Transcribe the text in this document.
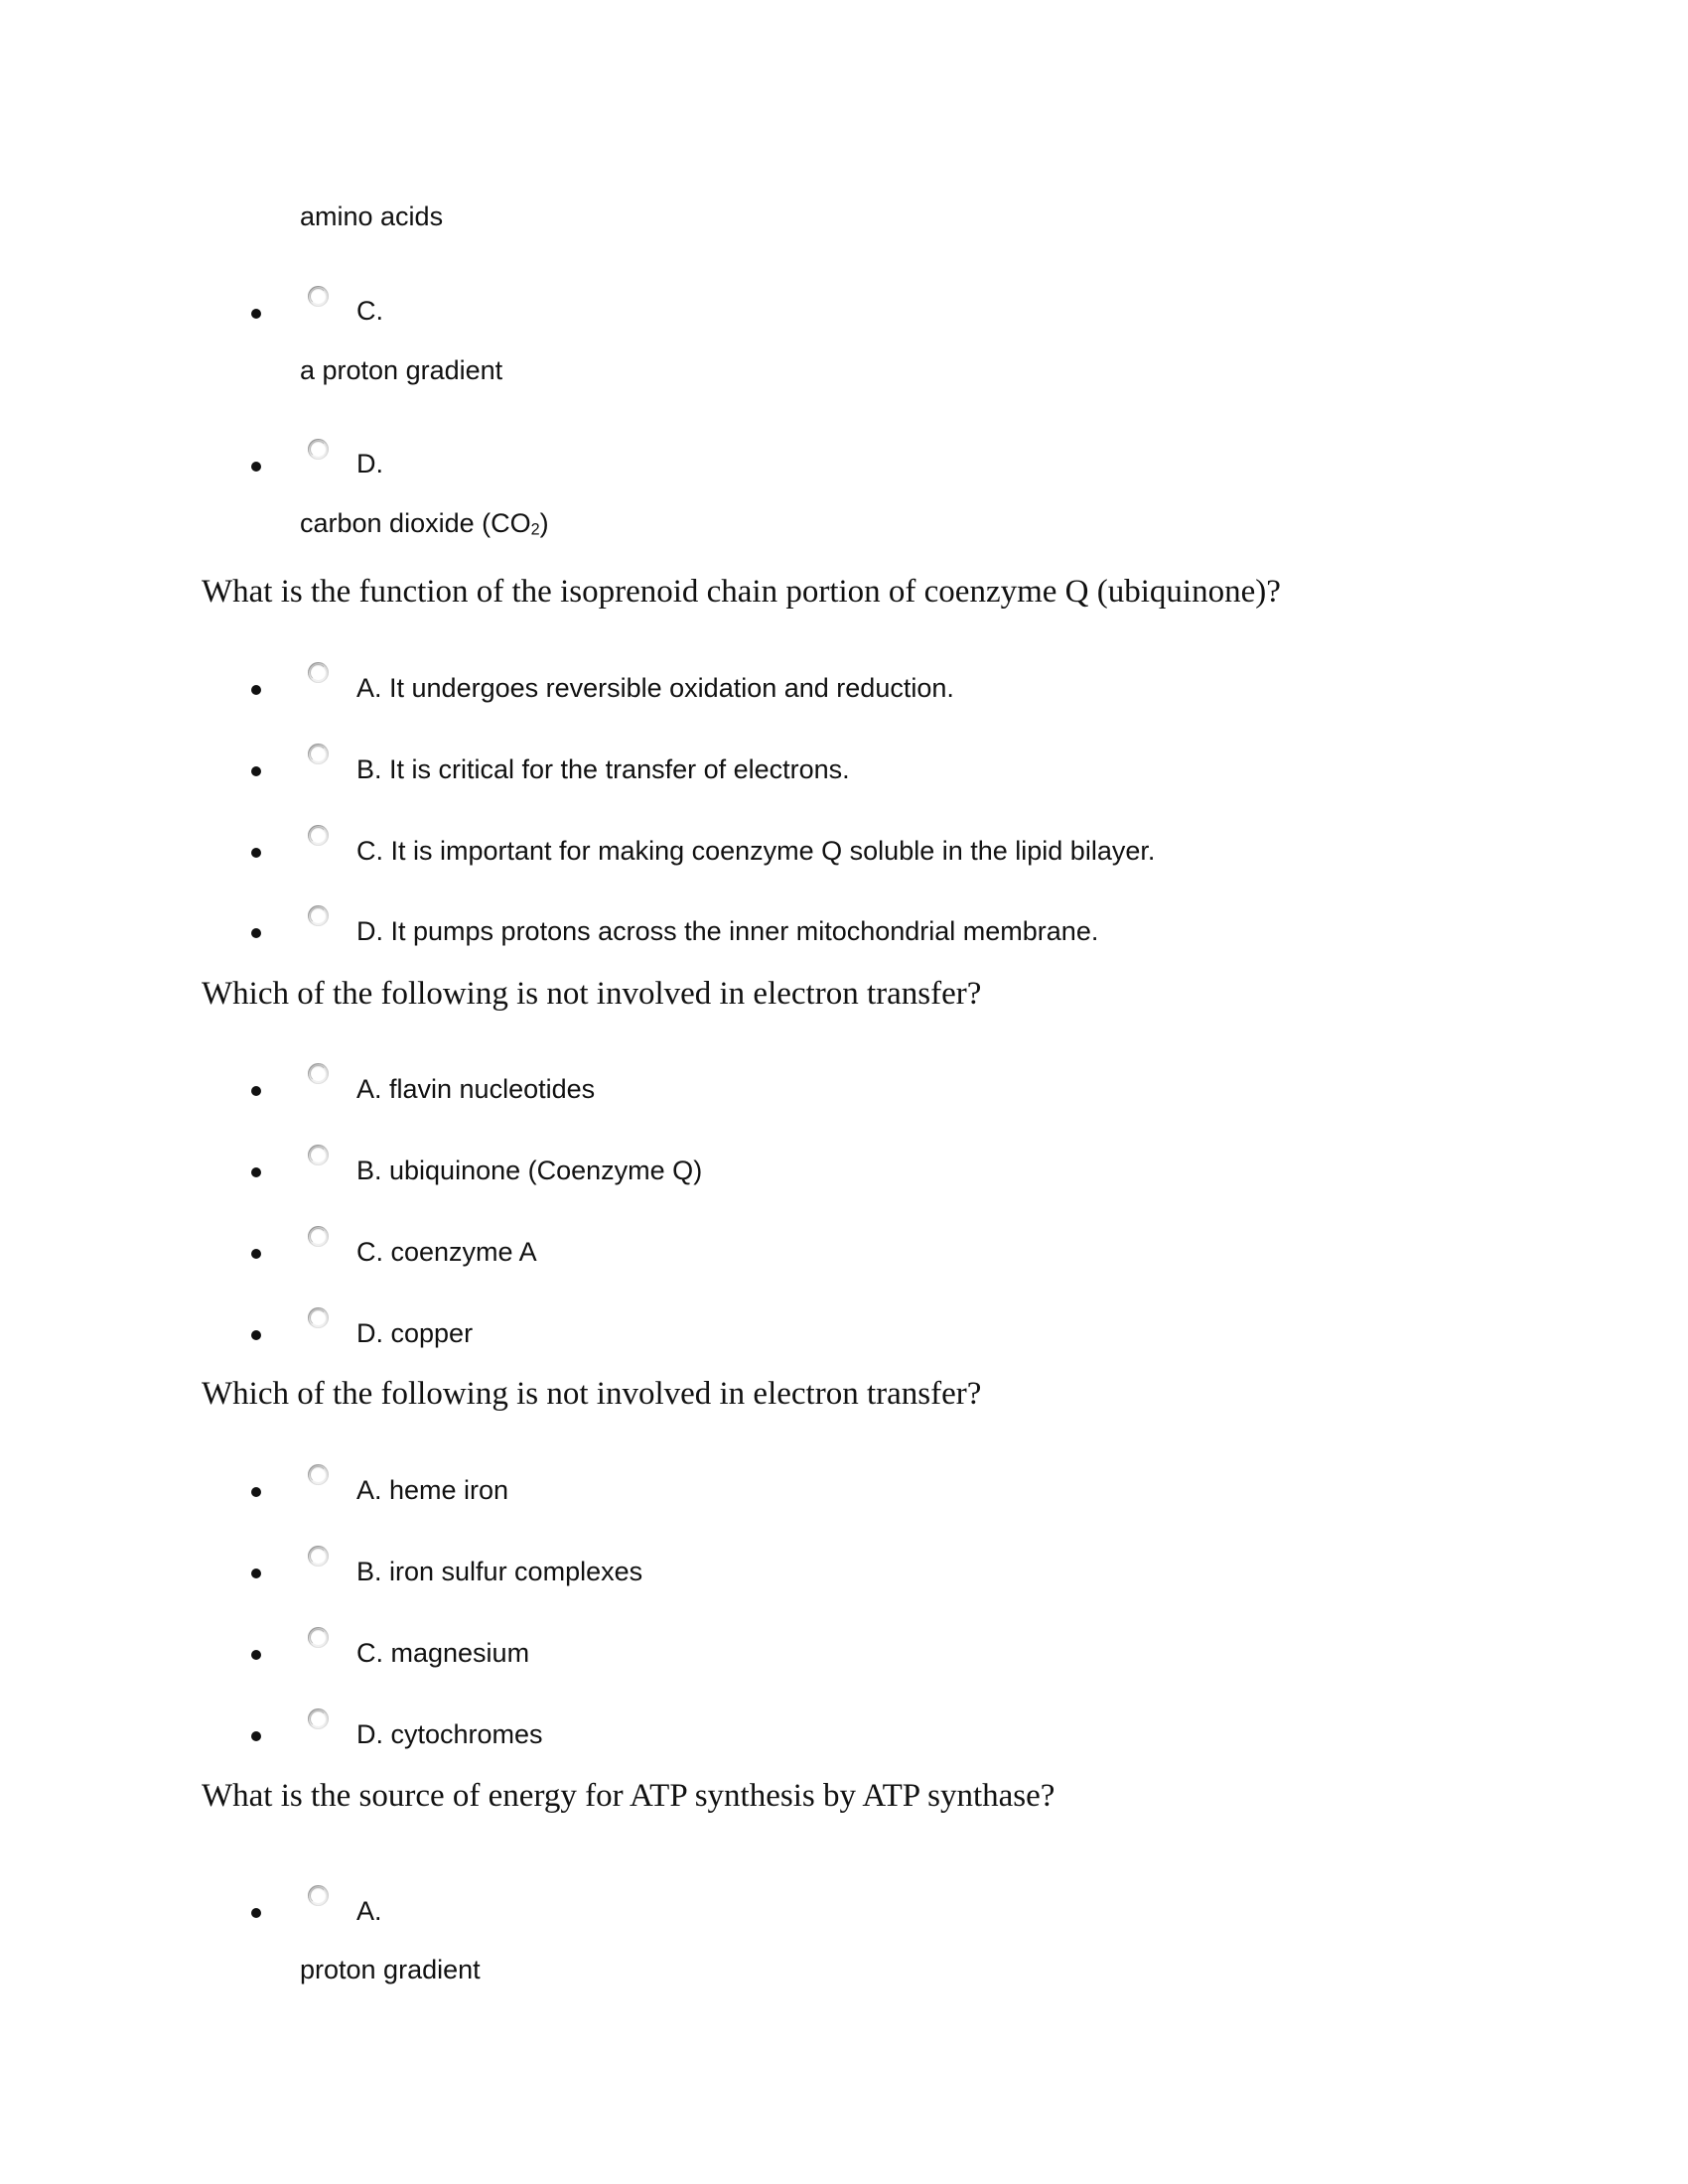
amino acids
C.
a proton gradient
D.
carbon dioxide $(CO_2)$
What is the function of the isoprenoid chain portion of coenzyme Q (ubiquinone)?
A. It undergoes reversible oxidation and reduction.
B. It is critical for the transfer of electrons.
C. It is important for making coenzyme Q soluble in the lipid bilayer.
D. It pumps protons across the inner mitochondrial membrane.
Which of the following is not involved in electron transfer?
A. flavin nucleotides
B. ubiquinone (Coenzyme Q)
C. coenzyme A
D. copper
Which of the following is not involved in electron transfer?
A. heme iron
B. iron sulfur complexes
C. magnesium
D. cytochromes
What is the source of energy for ATP synthesis by ATP synthase?
A.
proton gradient
